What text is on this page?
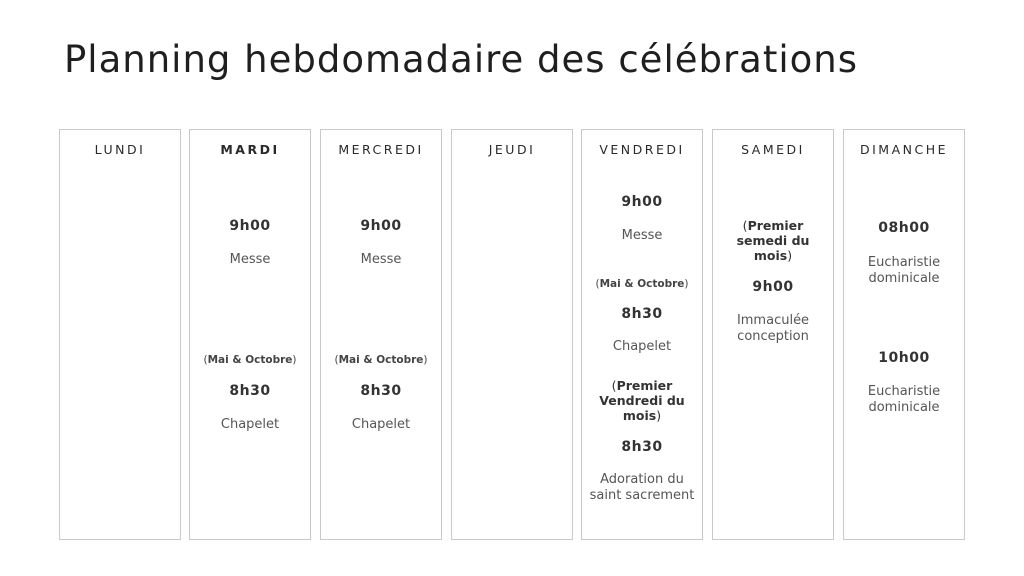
Planning hebdomadaire des célébrations
LUNDI	MARDI
9h00
Messe
(Mai & Octobre)
8h30
Chapelet
MERCREDI
9h00
Messe
(Mai & Octobre)
8h30
Chapelet
JEUDI	VENDREDI
9h00
Messe
(Mai & Octobre)
8h30
Chapelet
(Premier Vendredi du mois)
8h30
Adoration du saint sacrement
SAMEDI
(Premier semedi du mois)
9h00
Immaculée conception
DIMANCHE
08h00
Eucharistie dominicale
10h00
Eucharistie dominicale
